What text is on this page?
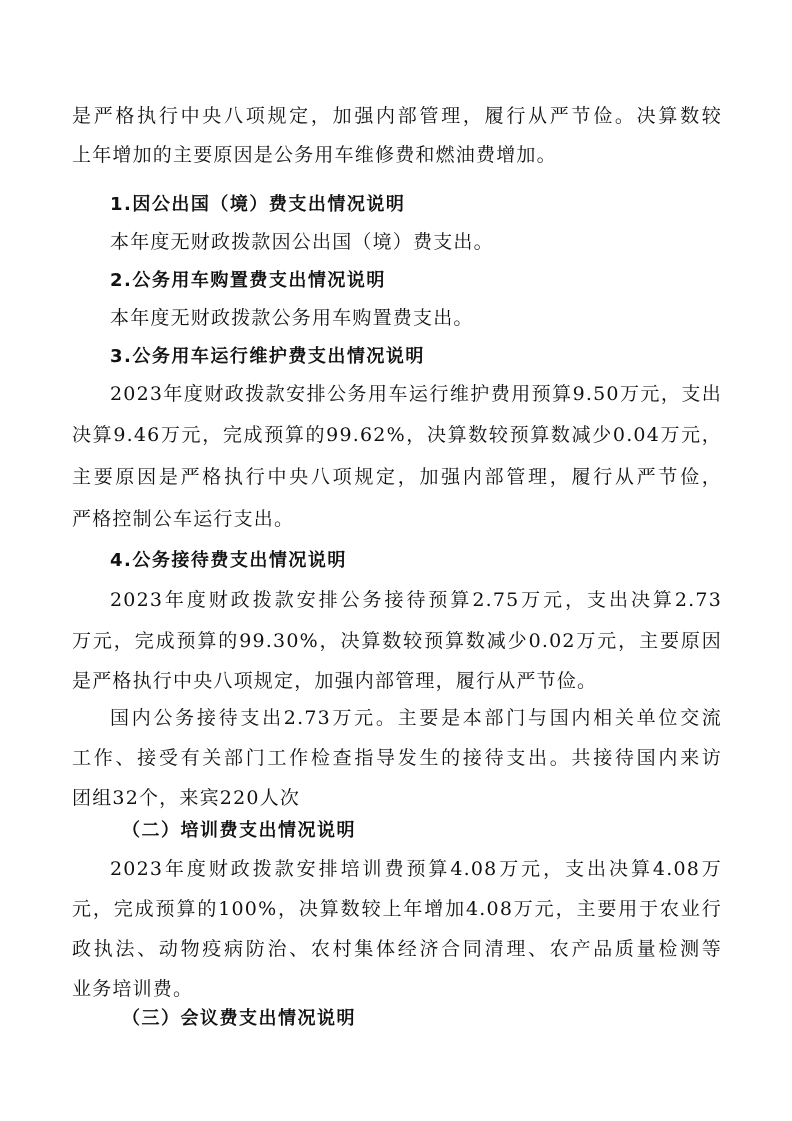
是严格执行中央八项规定，加强内部管理，履行从严节俭。决算数较
上年增加的主要原因是公务用车维修费和燃油费增加。
1.因公出国（境）费支出情况说明
本年度无财政拨款因公出国（境）费支出。
2.公务用车购置费支出情况说明
本年度无财政拨款公务用车购置费支出。
3.公务用车运行维护费支出情况说明
2023年度财政拨款安排公务用车运行维护费用预算9.50万元，支出
决算9.46万元，完成预算的99.62%，决算数较预算数减少0.04万元，
主要原因是严格执行中央八项规定，加强内部管理，履行从严节俭，
严格控制公车运行支出。
4.公务接待费支出情况说明
2023年度财政拨款安排公务接待预算2.75万元，支出决算2.73
万元，完成预算的99.30%，决算数较预算数减少0.02万元，主要原因
是严格执行中央八项规定，加强内部管理，履行从严节俭。
国内公务接待支出2.73万元。主要是本部门与国内相关单位交流
工作、接受有关部门工作检查指导发生的接待支出。共接待国内来访
团组32个，来宾220人次
（二）培训费支出情况说明
2023年度财政拨款安排培训费预算4.08万元，支出决算4.08万
元，完成预算的100%，决算数较上年增加4.08万元，主要用于农业行
政执法、动物疫病防治、农村集体经济合同清理、农产品质量检测等
业务培训费。
（三）会议费支出情况说明
